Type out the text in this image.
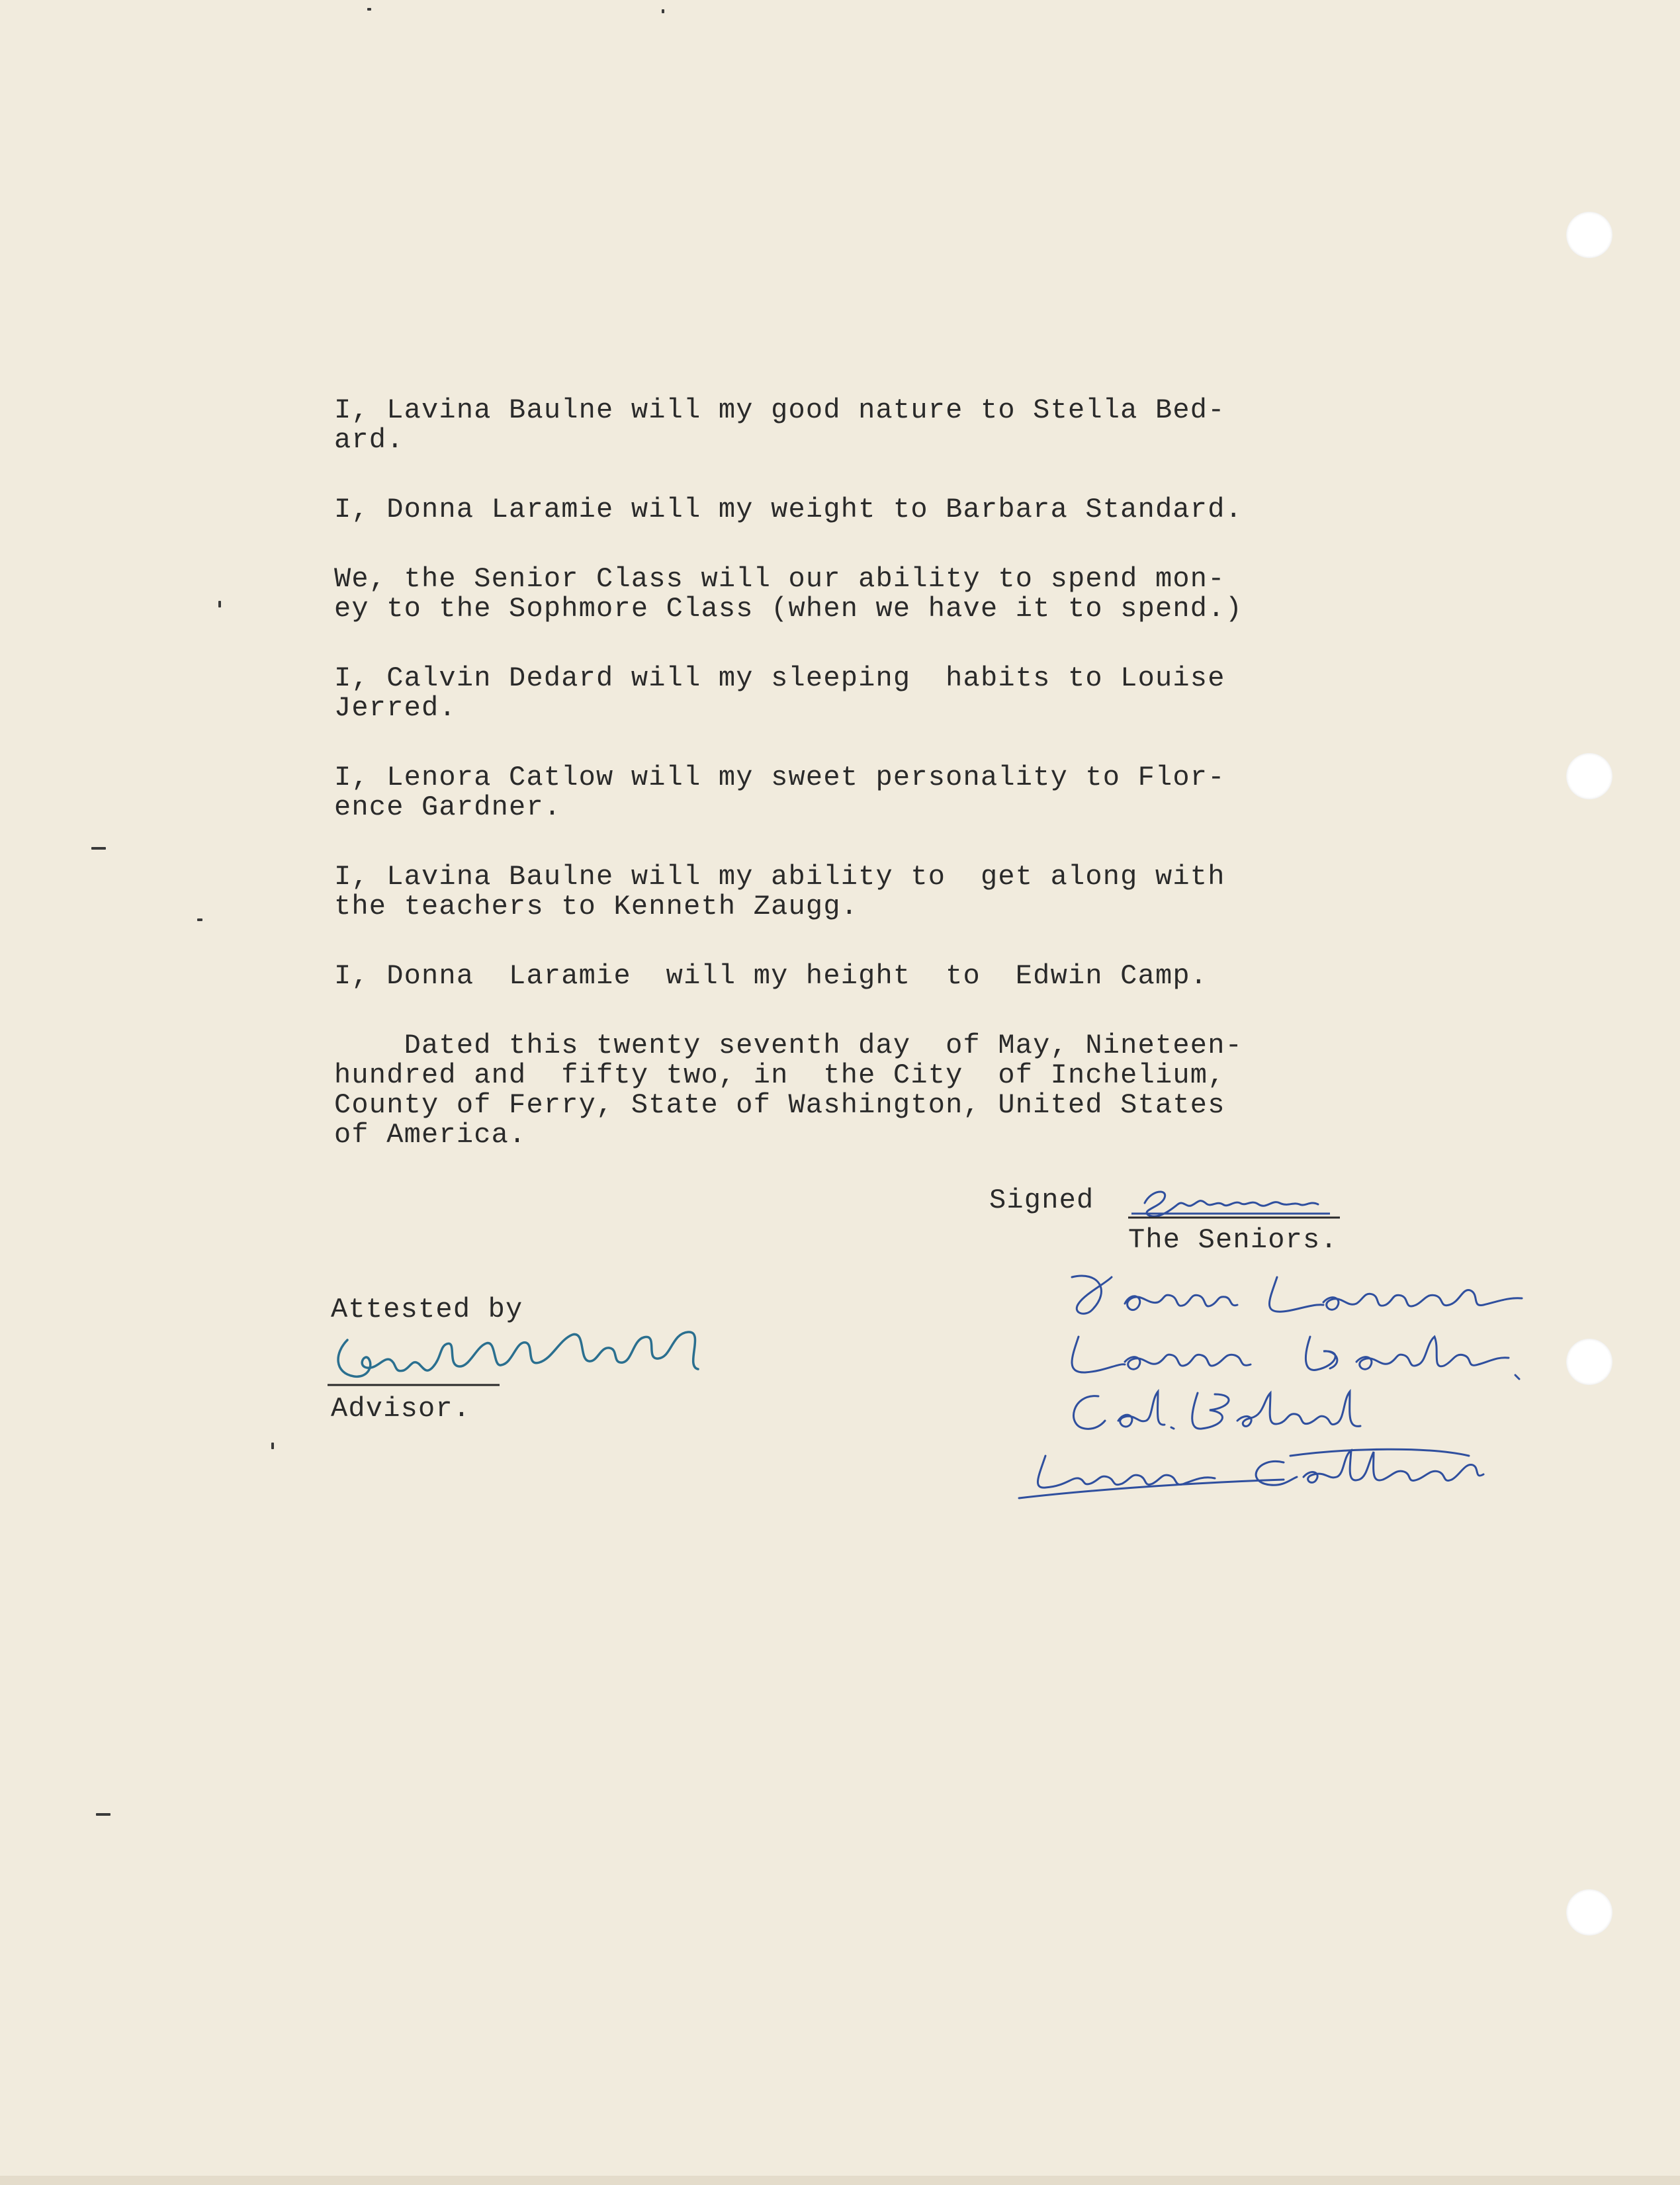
I, Lavina Baulne will my good nature to Stella Bed-
ard.
I, Donna Laramie will my weight to Barbara Standard.
We, the Senior Class will our ability to spend mon-
ey to the Sophmore Class (when we have it to spend.)
I, Calvin Dedard will my sleeping  habits to Louise
Jerred.
I, Lenora Catlow will my sweet personality to Flor-
ence Gardner.
I, Lavina Baulne will my ability to  get along with
the teachers to Kenneth Zaugg.
I, Donna  Laramie  will my height  to  Edwin Camp.
Dated this twenty seventh day  of May, Nineteen-
hundred and  fifty two, in  the City  of Inchelium,
County of Ferry, State of Washington, United States
of America.

Signed

The Seniors.

Attested by
Advisor.
